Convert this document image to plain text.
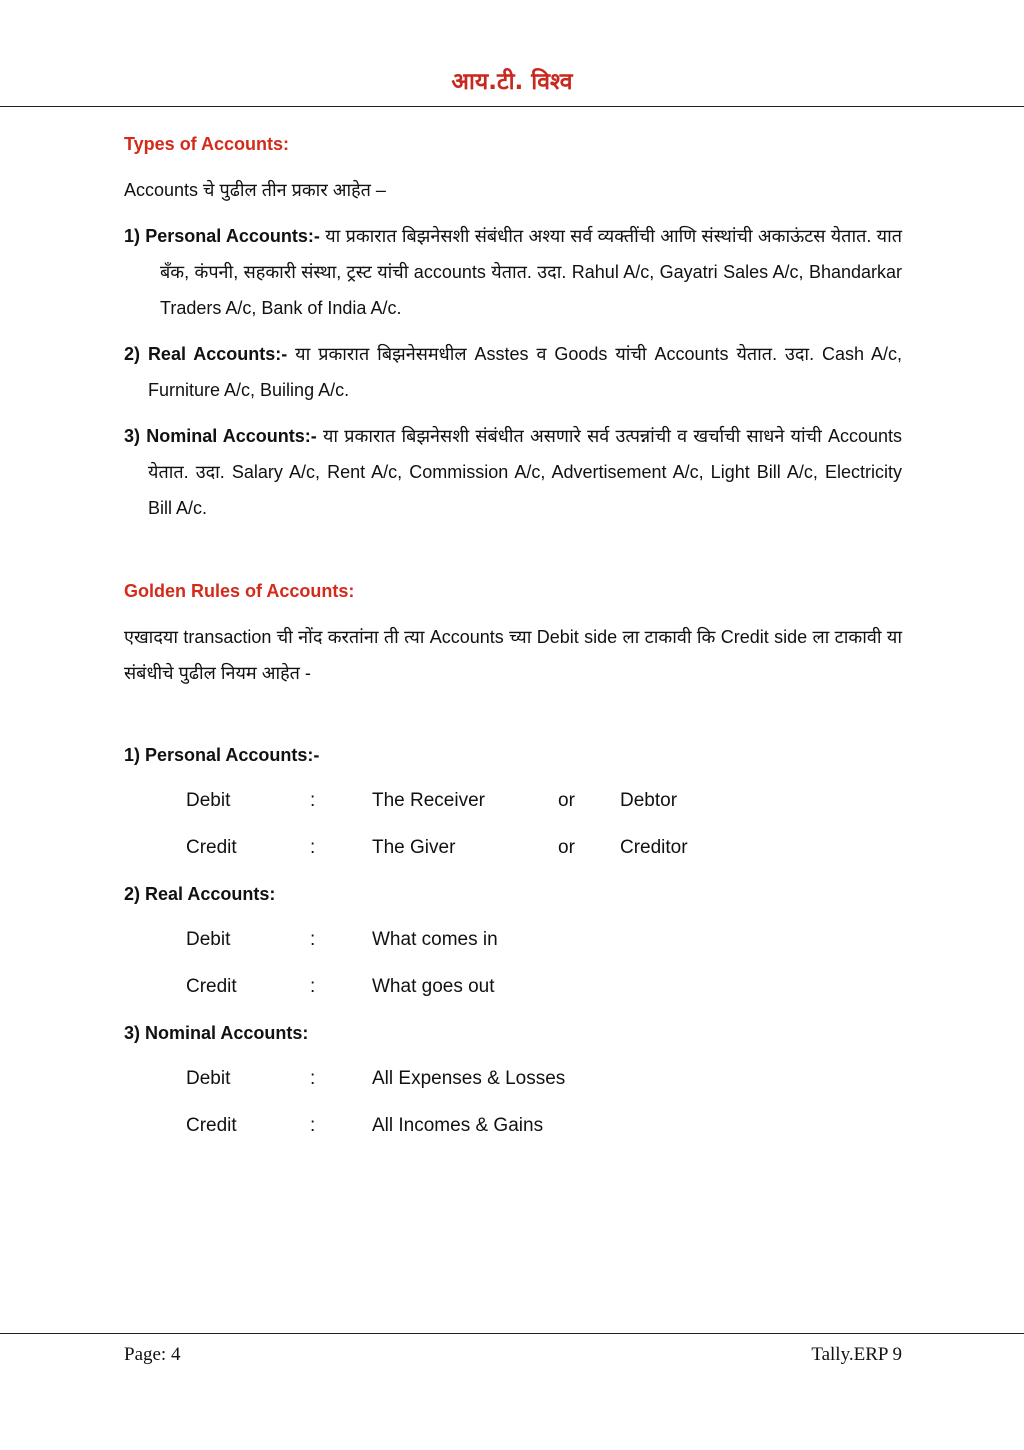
आय.टी. विश्व
Types of Accounts:
Accounts चे पुढील तीन प्रकार आहेत –
1) Personal Accounts:- या प्रकारात बिझनेसशी संबंधीत अश्या सर्व व्यक्तींची आणि संस्थांची अकाऊंटस येतात. यात बँक, कंपनी, सहकारी संस्था, ट्रस्ट यांची accounts येतात. उदा. Rahul A/c, Gayatri Sales A/c, Bhandarkar Traders A/c, Bank of India A/c.
2) Real Accounts:- या प्रकारात बिझनेसमधील Asstes व Goods यांची Accounts येतात. उदा. Cash A/c, Furniture A/c, Builing A/c.
3) Nominal Accounts:- या प्रकारात बिझनेसशी संबंधीत असणारे सर्व उत्पन्नांची व खर्चाची साधने यांची Accounts येतात. उदा. Salary A/c, Rent A/c, Commission A/c, Advertisement A/c, Light Bill A/c, Electricity Bill A/c.
Golden Rules of Accounts:
एखादया transaction ची नोंद करतांना ती त्या Accounts च्या Debit side ला टाकावी कि Credit side ला टाकावी या संबंधीचे पुढील नियम आहेत -
1) Personal Accounts:-
Debit	:	The Receiver	or Debtor
Credit	:	The Giver	or Creditor
2) Real Accounts:
Debit	:	What comes in
Credit	:	What goes out
3) Nominal Accounts:
Debit	:	All Expenses & Losses
Credit	:	All Incomes & Gains
Page: 4	Tally.ERP 9
